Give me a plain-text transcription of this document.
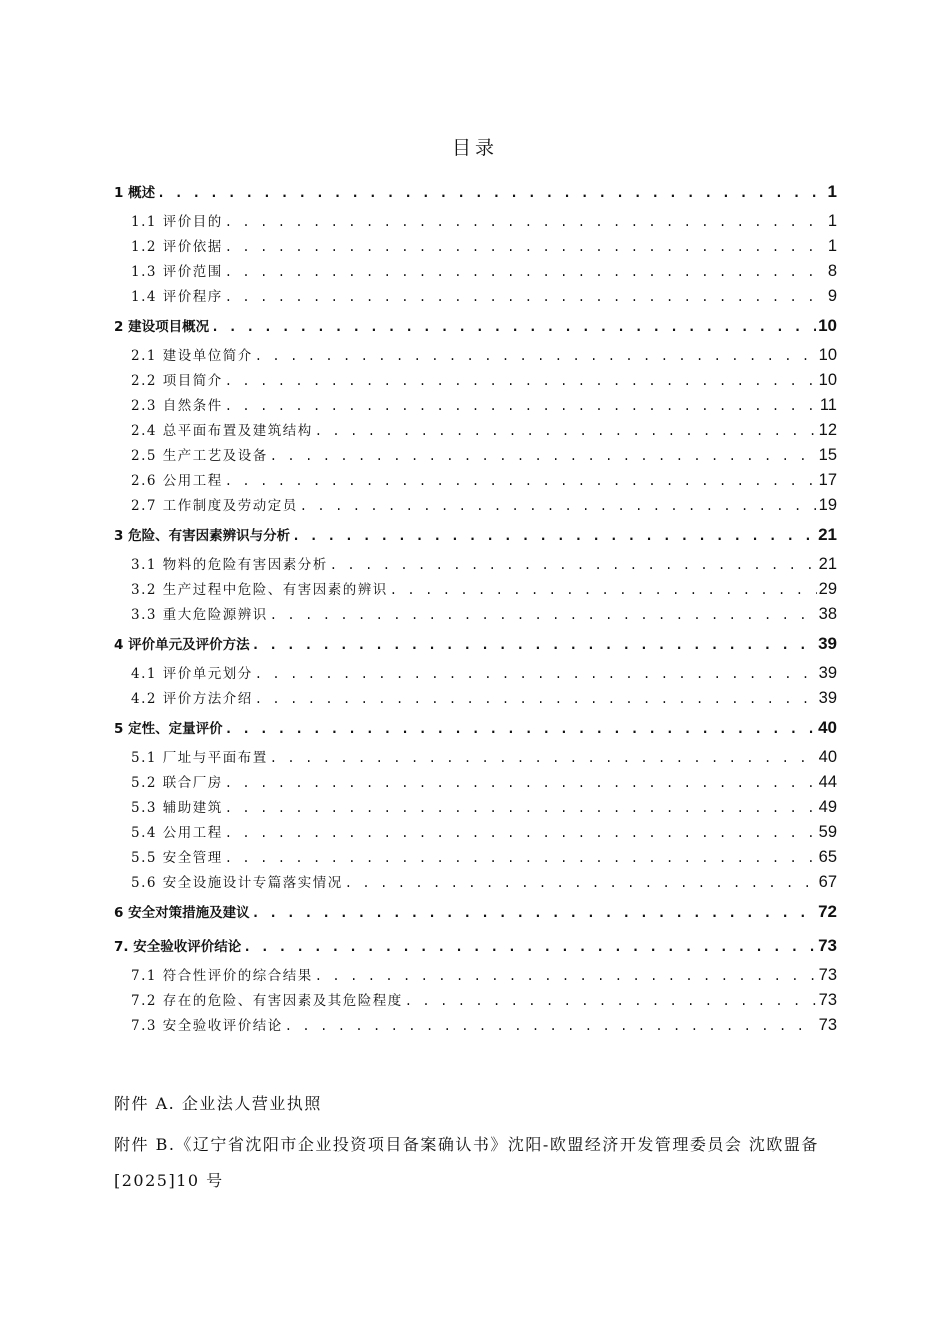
目录
1 概述 . . .	1
1.1 评价目的 . . .	1
1.2 评价依据 . . .	1
1.3 评价范围 . . .	8
1.4 评价程序 . . .	9
2 建设项目概况 . . .	10
2.1 建设单位简介 . . .	10
2.2 项目简介 . . .	10
2.3 自然条件 . . .	11
2.4 总平面布置及建筑结构 . . .	12
2.5 生产工艺及设备 . . .	15
2.6 公用工程 . . .	17
2.7 工作制度及劳动定员 . . .	19
3 危险、有害因素辨识与分析 . . .	21
3.1 物料的危险有害因素分析 . . .	21
3.2 生产过程中危险、有害因素的辨识 . . .	29
3.3 重大危险源辨识 . . .	38
4 评价单元及评价方法 . . .	39
4.1 评价单元划分 . . .	39
4.2 评价方法介绍 . . .	39
5 定性、定量评价 . . .	40
5.1 厂址与平面布置 . . .	40
5.2 联合厂房 . . .	44
5.3 辅助建筑 . . .	49
5.4 公用工程 . . .	59
5.5 安全管理 . . .	65
5.6 安全设施设计专篇落实情况 . . .	67
6 安全对策措施及建议 . . .	72
7. 安全验收评价结论 . . .	73
7.1 符合性评价的综合结果 . . .	73
7.2 存在的危险、有害因素及其危险程度 . . .	73
7.3 安全验收评价结论 . . .	73
附件 A. 企业法人营业执照
附件 B.《辽宁省沈阳市企业投资项目备案确认书》沈阳-欧盟经济开发管理委员会 沈欧盟备[2025]10 号
